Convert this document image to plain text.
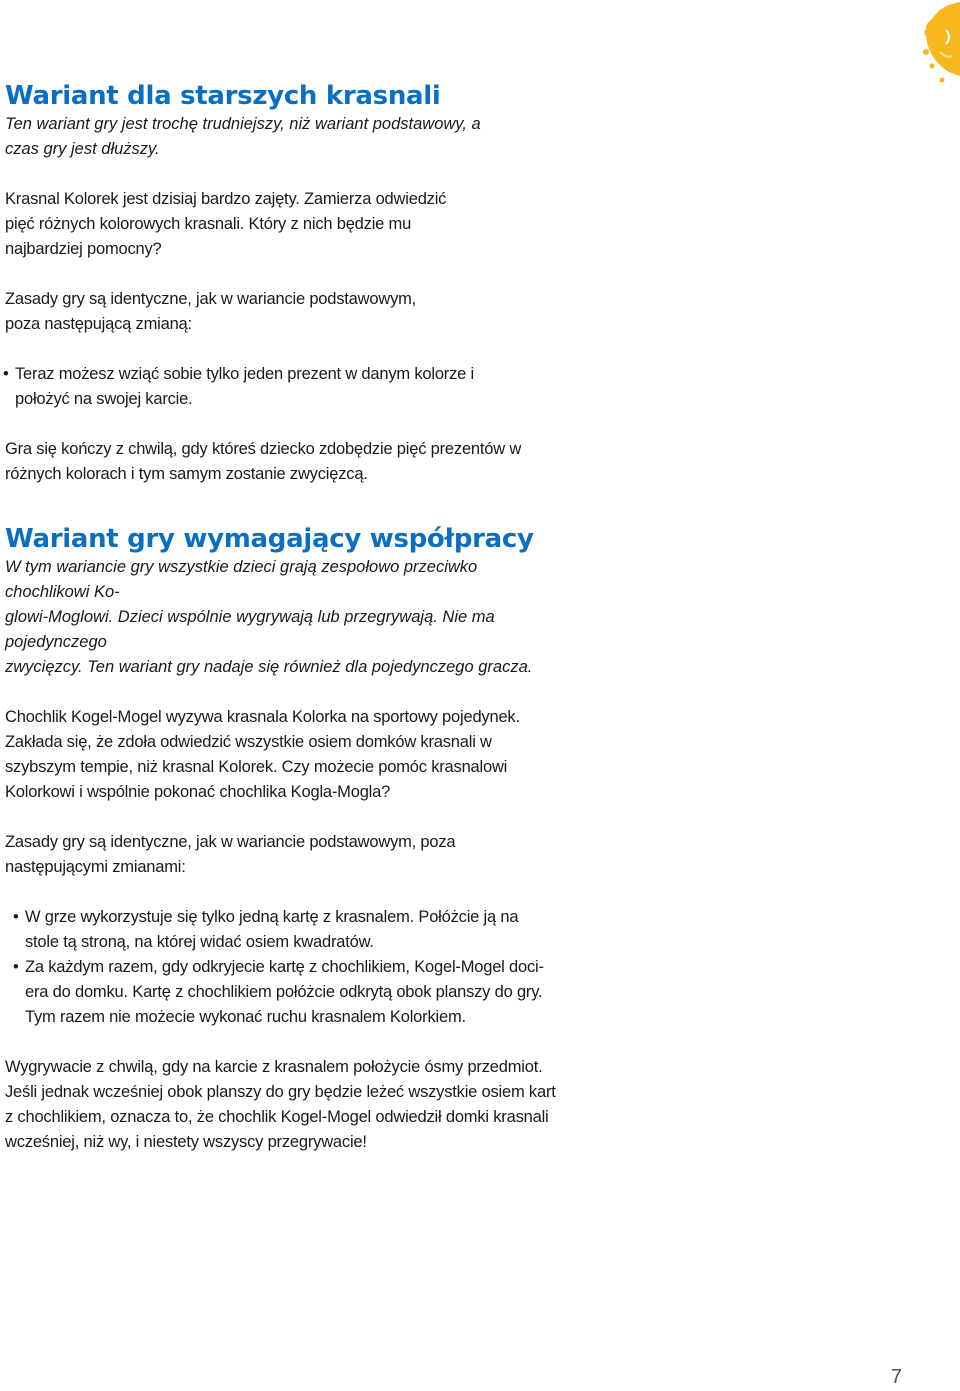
Wariant dla starszych krasnali
Ten wariant gry jest trochę trudniejszy, niż wariant podstawowy, a
czas gry jest dłuższy.
Krasnal Kolorek jest dzisiaj bardzo zajęty. Zamierza odwiedzić
pięć różnych kolorowych krasnali. Który z nich będzie mu
najbardziej pomocny?
Zasady gry są identyczne, jak w wariancie podstawowym,
poza następującą zmianą:
• Teraz możesz wziąć sobie tylko jeden prezent w danym kolorze i
położyć na swojej karcie.
Gra się kończy z chwilą, gdy któreś dziecko zdobędzie pięć prezentów w
różnych kolorach i tym samym zostanie zwycięzcą.
Wariant gry wymagający współpracy
W tym wariancie gry wszystkie dzieci grają zespołowo przeciwko chochlikowi Ko-
glowi-Moglowi. Dzieci wspólnie wygrywają lub przegrywają. Nie ma pojedynczego
zwycięzcy. Ten wariant gry nadaje się również dla pojedynczego gracza.
Chochlik Kogel-Mogel wyzywa krasnala Kolorka na sportowy pojedynek.
Zakłada się, że zdoła odwiedzić wszystkie osiem domków krasnali w
szybszym tempie, niż krasnal Kolorek. Czy możecie pomóc krasnalowi
Kolorkowi i wspólnie pokonać chochlika Kogla-Mogla?
Zasady gry są identyczne, jak w wariancie podstawowym, poza
następującymi zmianami:
• W grze wykorzystuje się tylko jedną kartę z krasnalem. Połóżcie ją na
stole tą stroną, na której widać osiem kwadratów.
• Za każdym razem, gdy odkryjecie kartę z chochlikiem, Kogel-Mogel doci-
era do domku. Kartę z chochlikiem połóżcie odkrytą obok planszy do gry.
Tym razem nie możecie wykonać ruchu krasnalem Kolorkiem.
Wygrywacie z chwilą, gdy na karcie z krasnalem położycie ósmy przedmiot.
Jeśli jednak wcześniej obok planszy do gry będzie leżeć wszystkie osiem kart
z chochlikiem, oznacza to, że chochlik Kogel-Mogel odwiedził domki krasnali
wcześniej, niż wy, i niestety wszyscy przegrywacie!
7
